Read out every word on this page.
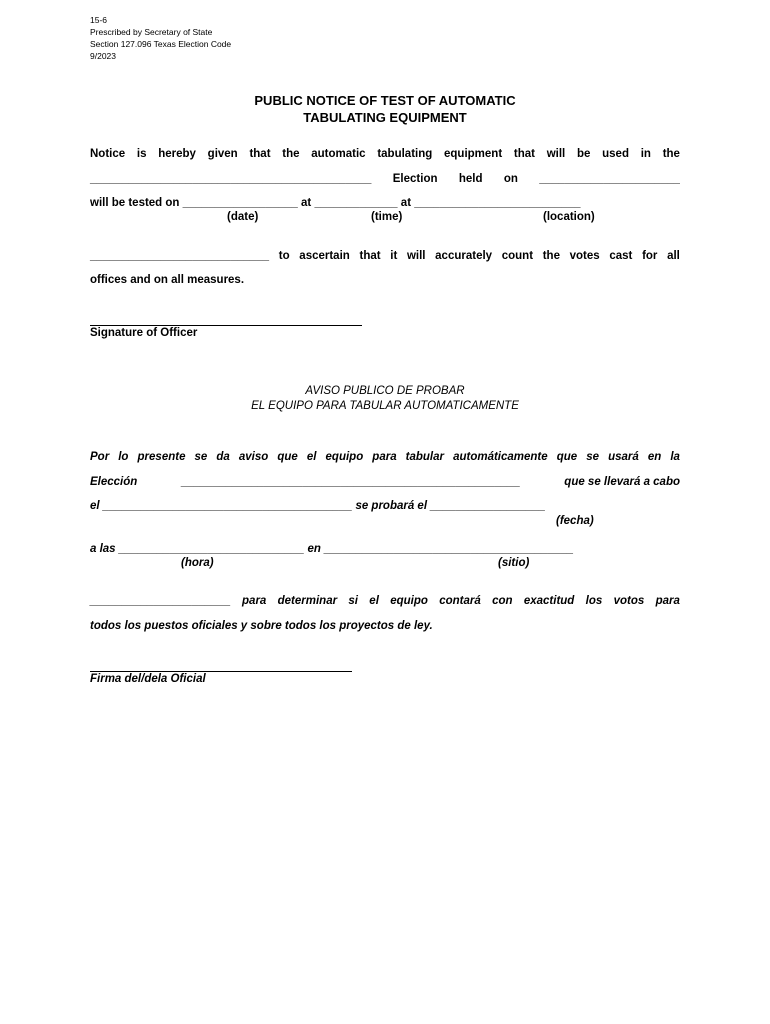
15-6
Prescribed by Secretary of State
Section 127.096 Texas Election Code
9/2023
PUBLIC NOTICE OF TEST OF AUTOMATIC
TABULATING EQUIPMENT
Notice is hereby given that the automatic tabulating equipment that will be used in the
____________________________________________ Election held on ______________________
will be tested on __________________ at _____________ at __________________________
(date)	(time)	(location)
____________________________ to ascertain that it will accurately count the votes cast for all
offices and on all measures.
Signature of Officer
AVISO PUBLICO DE PROBAR
EL EQUIPO PARA TABULAR AUTOMATICAMENTE
Por lo presente se da aviso que el equipo para tabular automáticamente que se usará en la
Elección	_____________________________________________________	que se llevará a cabo
el _______________________________________ se probará el __________________
(fecha)
a las _____________________________ en _______________________________________
(hora)	(sitio)
______________________ para determinar si el equipo contará con exactitud los votos para
todos los puestos oficiales y sobre todos los proyectos de ley.
Firma del/dela Oficial
